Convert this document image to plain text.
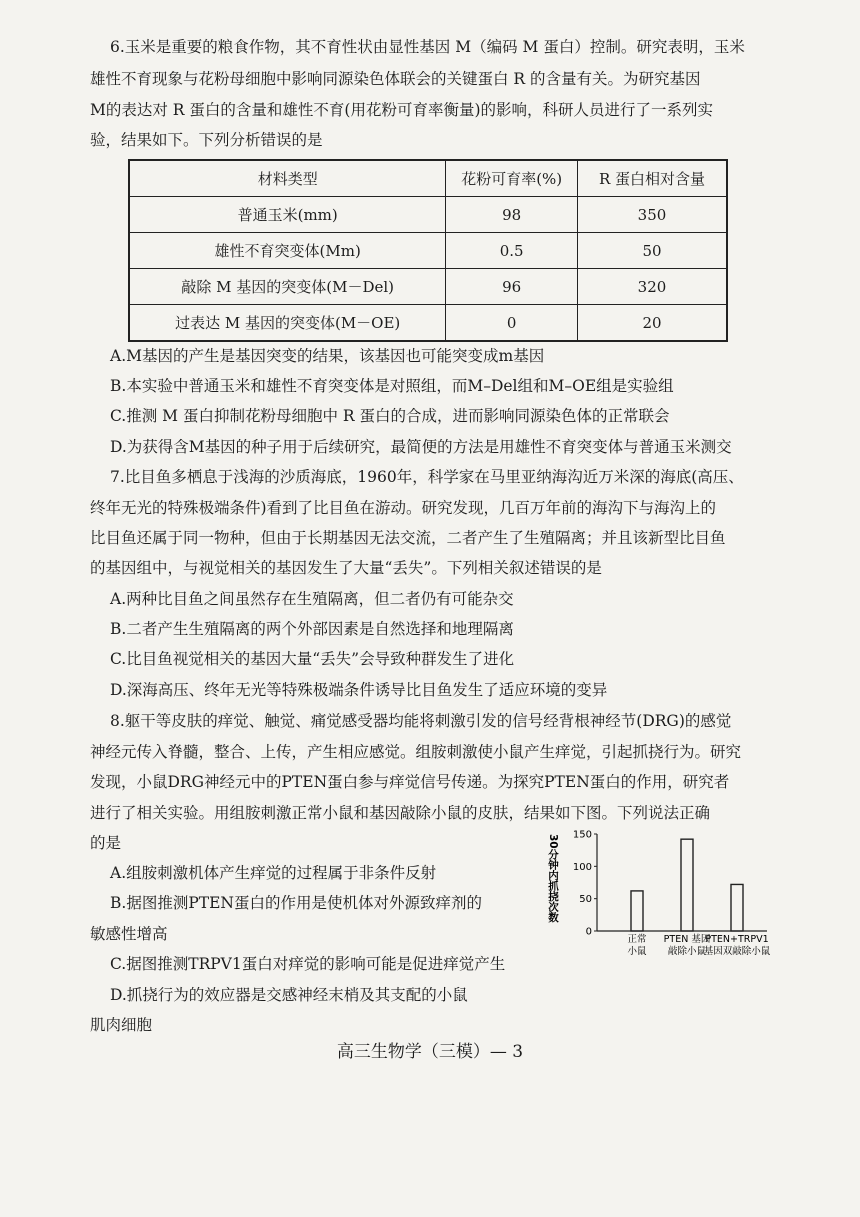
6.玉米是重要的粮食作物，其不育性状由显性基因 M（编码 M 蛋白）控制。研究表明，玉米
雄性不育现象与花粉母细胞中影响同源染色体联会的关键蛋白 R 的含量有关。为研究基因
M的表达对 R 蛋白的含量和雄性不育(用花粉可育率衡量)的影响，科研人员进行了一系列实
验，结果如下。下列分析错误的是
材料类型	花粉可育率(%)	R 蛋白相对含量
普通玉米(mm)	98	350
雄性不育突变体(Mm)	0.5	50
敲除 M 基因的突变体(M－Del)	96	320
过表达 M 基因的突变体(M－OE)	0	20
A.M基因的产生是基因突变的结果，该基因也可能突变成m基因
B.本实验中普通玉米和雄性不育突变体是对照组，而M–Del组和M–OE组是实验组
C.推测 M 蛋白抑制花粉母细胞中 R 蛋白的合成，进而影响同源染色体的正常联会
D.为获得含M基因的种子用于后续研究，最简便的方法是用雄性不育突变体与普通玉米测交
7.比目鱼多栖息于浅海的沙质海底，1960年，科学家在马里亚纳海沟近万米深的海底(高压、
终年无光的特殊极端条件)看到了比目鱼在游动。研究发现，几百万年前的海沟下与海沟上的
比目鱼还属于同一物种，但由于长期基因无法交流，二者产生了生殖隔离；并且该新型比目鱼
的基因组中，与视觉相关的基因发生了大量“丢失”。下列相关叙述错误的是
A.两种比目鱼之间虽然存在生殖隔离，但二者仍有可能杂交
B.二者产生生殖隔离的两个外部因素是自然选择和地理隔离
C.比目鱼视觉相关的基因大量“丢失”会导致种群发生了进化
D.深海高压、终年无光等特殊极端条件诱导比目鱼发生了适应环境的变异
8.躯干等皮肤的痒觉、触觉、痛觉感受器均能将刺激引发的信号经背根神经节(DRG)的感觉
神经元传入脊髓，整合、上传，产生相应感觉。组胺刺激使小鼠产生痒觉，引起抓挠行为。研究
发现，小鼠DRG神经元中的PTEN蛋白参与痒觉信号传递。为探究PTEN蛋白的作用，研究者
进行了相关实验。用组胺刺激正常小鼠和基因敲除小鼠的皮肤，结果如下图。下列说法正确
的是
A.组胺刺激机体产生痒觉的过程属于非条件反射
B.据图推测PTEN蛋白的作用是使机体对外源致痒剂的
敏感性增高
C.据图推测TRPV1蛋白对痒觉的影响可能是促进痒觉产生
D.抓挠行为的效应器是交感神经末梢及其支配的小鼠
肌肉细胞
30分钟内抓挠次数
0
50
100
150
正常
小鼠
PTEN 基因
敲除小鼠
PTEN+TRPV1
基因双敲除小鼠
高三生物学（三模）— 3
